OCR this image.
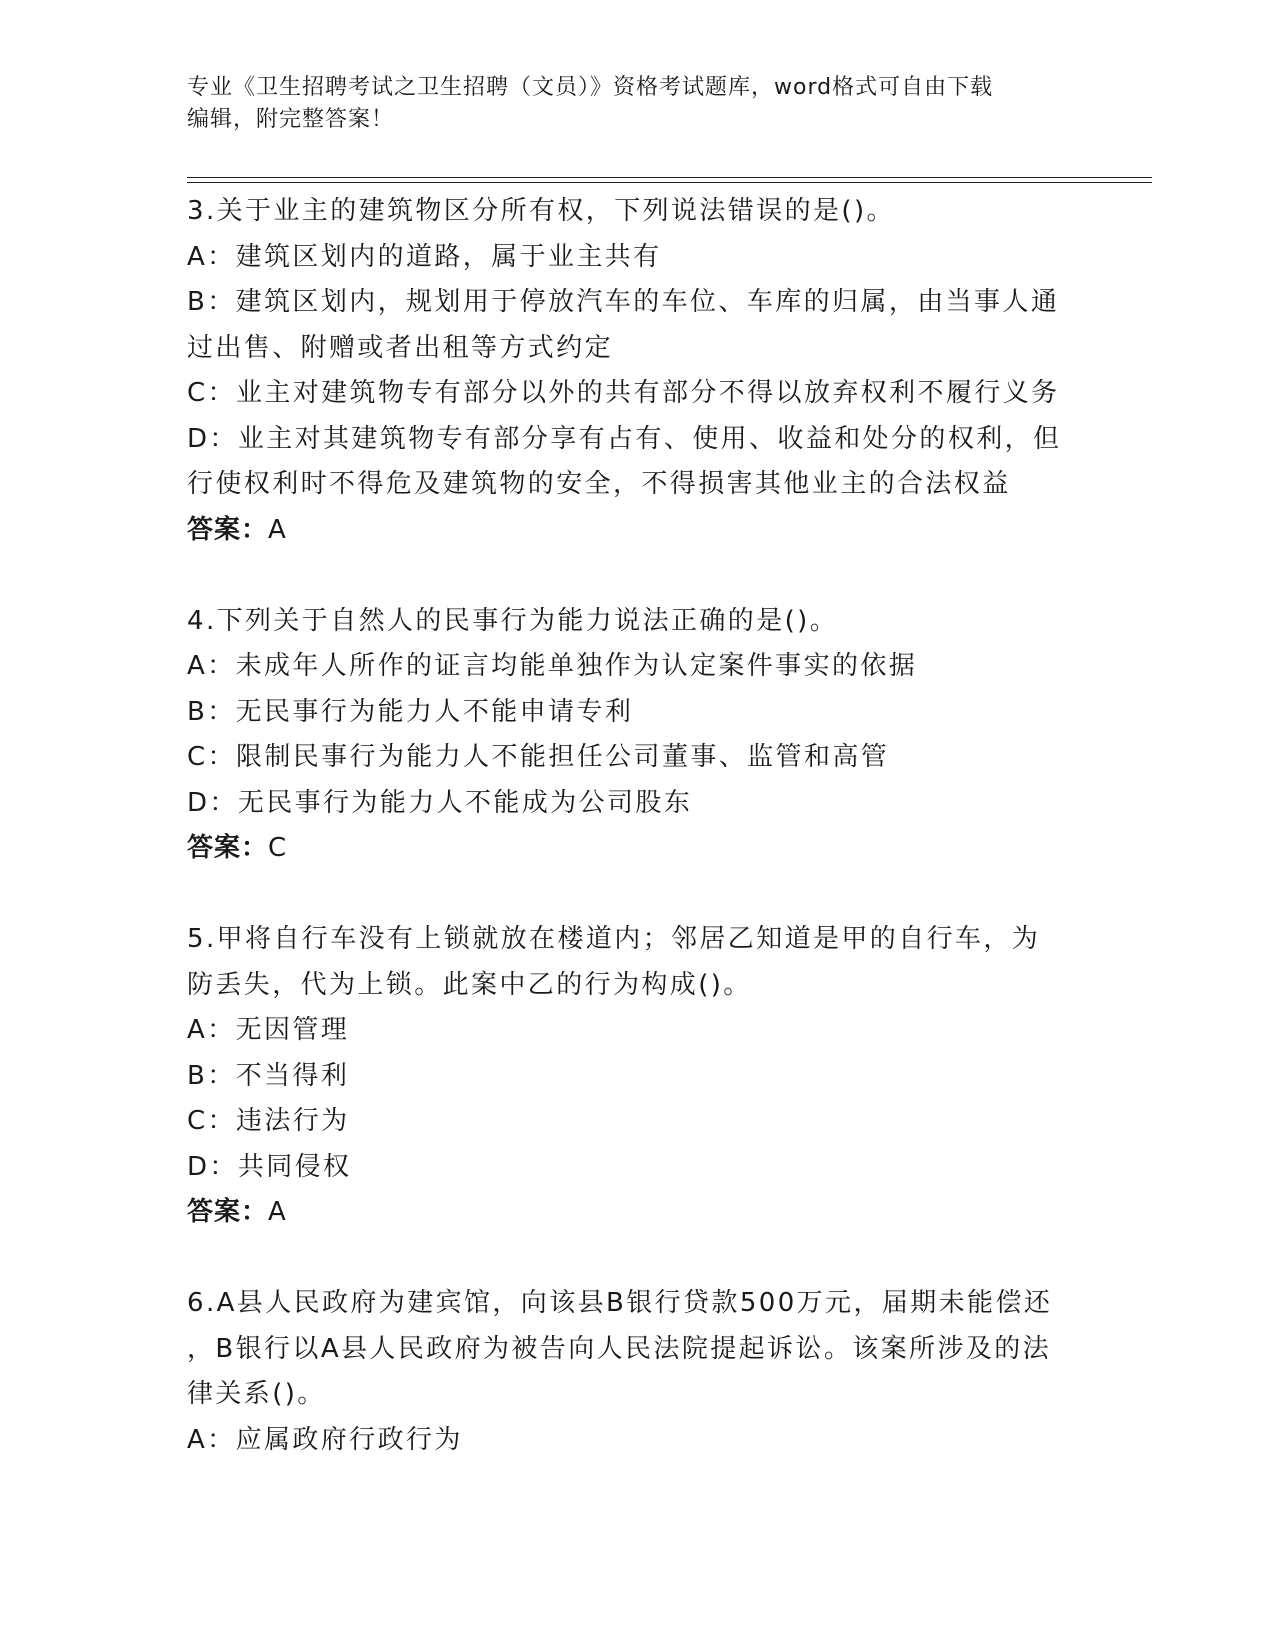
专业《卫生招聘考试之卫生招聘（文员）》资格考试题库，word格式可自由下载
编辑，附完整答案！
3.关于业主的建筑物区分所有权，下列说法错误的是()。
A：建筑区划内的道路，属于业主共有
B：建筑区划内，规划用于停放汽车的车位、车库的归属，由当事人通
过出售、附赠或者出租等方式约定
C：业主对建筑物专有部分以外的共有部分不得以放弃权利不履行义务
D：业主对其建筑物专有部分享有占有、使用、收益和处分的权利，但
行使权利时不得危及建筑物的安全，不得损害其他业主的合法权益
答案：A
4.下列关于自然人的民事行为能力说法正确的是()。
A：未成年人所作的证言均能单独作为认定案件事实的依据
B：无民事行为能力人不能申请专利
C：限制民事行为能力人不能担任公司董事、监管和高管
D：无民事行为能力人不能成为公司股东
答案：C
5.甲将自行车没有上锁就放在楼道内；邻居乙知道是甲的自行车，为
防丢失，代为上锁。此案中乙的行为构成()。
A：无因管理
B：不当得利
C：违法行为
D：共同侵权
答案：A
6.A县人民政府为建宾馆，向该县B银行贷款500万元，届期未能偿还
，B银行以A县人民政府为被告向人民法院提起诉讼。该案所涉及的法
律关系()。
A：应属政府行政行为
